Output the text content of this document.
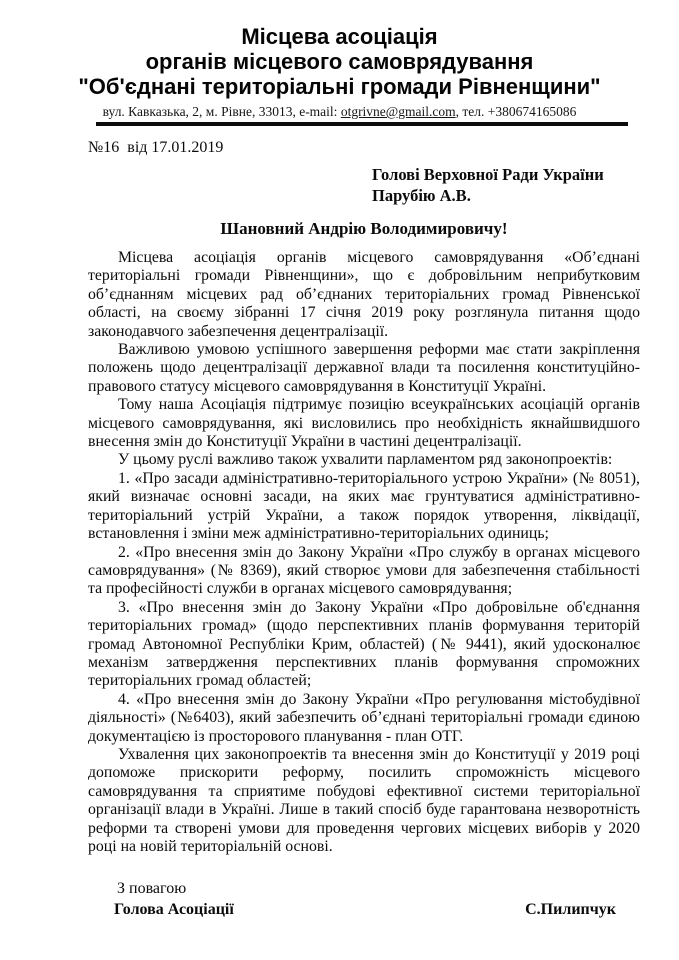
Місцева асоціація
органів місцевого самоврядування
"Об'єднані територіальні громади Рівненщини"
вул. Кавказька, 2, м. Рівне, 33013, e-mail: otgrivne@gmail.com, тел. +380674165086
№16  від 17.01.2019
Голові Верховної Ради України
Парубію А.В.
Шановний Андрію Володимировичу!

Місцева асоціація органів місцевого самоврядування «Об’єднані територіальні громади Рівненщини», що є добровільним неприбутковим об’єднанням місцевих рад об’єднаних територіальних громад Рівненської області, на своєму зібранні 17 січня 2019 року розглянула питання щодо законодавчого забезпечення децентралізації.

Важливою умовою успішного завершення реформи має стати закріплення положень щодо децентралізації державної влади та посилення конституційно-правового статусу місцевого самоврядування в Конституції Україні.

Тому наша Асоціація підтримує позицію всеукраїнських асоціацій органів місцевого самоврядування, які висловились про необхідність якнайшвидшого внесення змін до Конституції України в частині децентралізації.

У цьому руслі важливо також ухвалити парламентом ряд законопроектів:

1. «Про засади адміністративно-територіального устрою України» (№ 8051), який визначає основні засади, на яких має грунтуватися адміністративно-територіальний устрій України, а також порядок утворення, ліквідації, встановлення і зміни меж адміністративно-територіальних одиниць;

2. «Про внесення змін до Закону України «Про службу в органах місцевого самоврядування» (№ 8369), який створює умови для забезпечення стабільності та професійності служби в органах місцевого самоврядування;

3. «Про внесення змін до Закону України «Про добровільне об'єднання територіальних громад» (щодо перспективних планів формування територій громад Автономної Республіки Крим, областей) (№ 9441), який удосконалює механізм затвердження перспективних планів формування спроможних територіальних громад областей;

4. «Про внесення змін до Закону України «Про регулювання містобудівної діяльності» (№6403), який забезпечить об’єднані територіальні громади єдиною документацією із просторового планування - план ОТГ.

Ухвалення цих законопроектів та внесення змін до Конституції у 2019 році допоможе прискорити реформу, посилить спроможність місцевого самоврядування та сприятиме побудові ефективної системи територіальної організації влади в Україні. Лише в такий спосіб буде гарантована незворотність реформи та створені умови для проведення чергових місцевих виборів у 2020 році на новій територіальній основі.

З повагою
Голова Асоціації	С.Пилипчук
